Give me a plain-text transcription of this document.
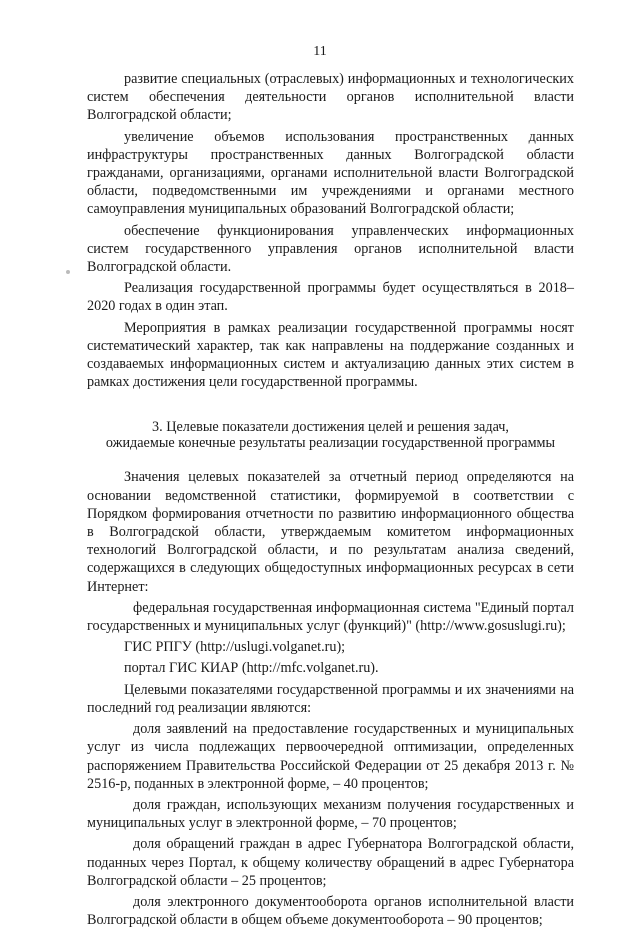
11

развитие специальных (отраслевых) информационных и технологических систем обеспечения деятельности органов исполнительной власти Волгоградской области;

увеличение объемов использования пространственных данных инфраструктуры пространственных данных Волгоградской области гражданами, организациями, органами исполнительной власти Волгоградской области, подведомственными им учреждениями и органами местного самоуправления муниципальных образований Волгоградской области;

обеспечение функционирования управленческих информационных систем государственного управления органов исполнительной власти Волгоградской области.

Реализация государственной программы будет осуществляться в 2018–2020 годах в один этап.

Мероприятия в рамках реализации государственной программы носят систематический характер, так как направлены на поддержание созданных и создаваемых информационных систем и актуализацию данных этих систем в рамках достижения цели государственной программы.

3. Целевые показатели достижения целей и решения задач,
ожидаемые конечные результаты реализации государственной программы

Значения целевых показателей за отчетный период определяются на основании ведомственной статистики, формируемой в соответствии с Порядком формирования отчетности по развитию информационного общества в Волгоградской области, утверждаемым комитетом информационных технологий Волгоградской области, и по результатам анализа сведений, содержащихся в следующих общедоступных информационных ресурсах в сети Интернет:

федеральная государственная информационная система "Единый портал государственных и муниципальных услуг (функций)" (http://www.gosuslugi.ru);

ГИС РПГУ (http://uslugi.volganet.ru);

портал ГИС КИАР (http://mfc.volganet.ru).

Целевыми показателями государственной программы и их значениями на последний год реализации являются:

доля заявлений на предоставление государственных и муниципальных услуг из числа подлежащих первоочередной оптимизации, определенных распоряжением Правительства Российской Федерации от 25 декабря 2013 г. № 2516-р, поданных в электронной форме, – 40 процентов;

доля граждан, использующих механизм получения государственных и муниципальных услуг в электронной форме, – 70 процентов;

доля обращений граждан в адрес Губернатора Волгоградской области, поданных через Портал, к общему количеству обращений в адрес Губернатора Волгоградской области – 25 процентов;

доля электронного документооборота органов исполнительной власти Волгоградской области в общем объеме документооборота – 90 процентов;
